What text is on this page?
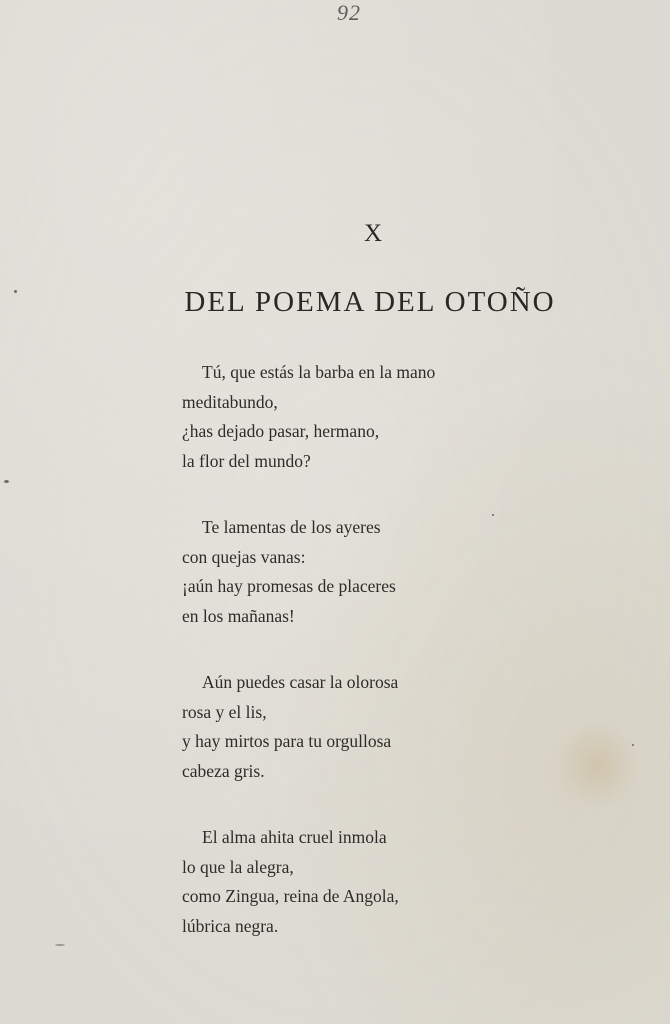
92
X
DEL POEMA DEL OTOÑO
Tú, que estás la barba en la mano
meditabundo,
¿has dejado pasar, hermano,
la flor del mundo?
Te lamentas de los ayeres
con quejas vanas:
¡aún hay promesas de placeres
en los mañanas!
Aún puedes casar la olorosa
rosa y el lis,
y hay mirtos para tu orgullosa
cabeza gris.
El alma ahita cruel inmola
lo que la alegra,
como Zingua, reina de Angola,
lúbrica negra.
